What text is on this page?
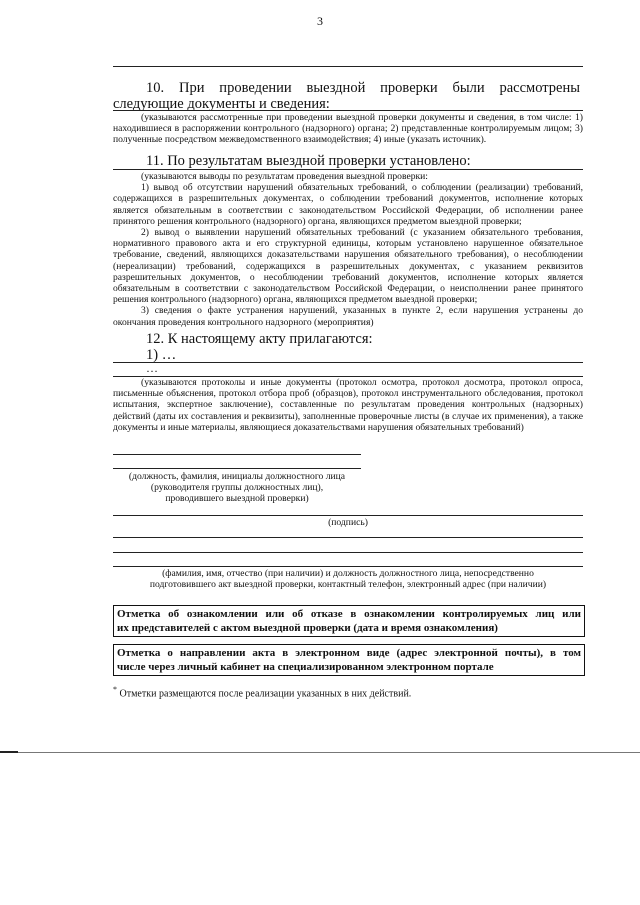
3
10. При проведении выездной проверки были рассмотрены
следующие документы и сведения:
(указываются рассмотренные при проведении выездной проверки документы и сведения, в том числе: 1) находившиеся в распоряжении контрольного (надзорного) органа; 2) представленные контролируемым лицом; 3) полученные посредством межведомственного взаимодействия; 4) иные (указать источник).
11. По результатам выездной проверки установлено:

(указываются выводы по результатам проведения выездной проверки:

1) вывод об отсутствии нарушений обязательных требований, о соблюдении (реализации) требований, содержащихся в разрешительных документах, о соблюдении требований документов, исполнение которых является обязательным в соответствии с законодательством Российской Федерации, об исполнении ранее принятого решения контрольного (надзорного) органа, являющихся предметом выездной проверки;

2) вывод о выявлении нарушений обязательных требований (с указанием обязательного требования, нормативного правового акта и его структурной единицы, которым установлено нарушенное обязательное требование, сведений, являющихся доказательствами нарушения обязательного требования), о несоблюдении (нереализации) требований, содержащихся в разрешительных документах, с указанием реквизитов разрешительных документов, о несоблюдении требований документов, исполнение которых является обязательным в соответствии с законодательством Российской Федерации, о неисполнении ранее принятого решения контрольного (надзорного) органа, являющихся предметом выездной проверки;

3) сведения о факте устранения нарушений, указанных в пункте 2, если нарушения устранены до окончания проведения контрольного надзорного (мероприятия)

12. К настоящему акту прилагаются:
1) …
…
(указываются протоколы и иные документы (протокол осмотра, протокол досмотра, протокол опроса, письменные объяснения, протокол отбора проб (образцов), протокол инструментального обследования, протокол испытания, экспертное заключение), составленные по результатам проведения контрольных (надзорных) действий (даты их составления и реквизиты), заполненные проверочные листы (в случае их применения), а также документы и иные материалы, являющиеся доказательствами нарушения обязательных требований)
(должность, фамилия, инициалы должностного лица
(руководителя группы должностных лиц),
проводившего выездной проверки)
(подпись)
(фамилия, имя, отчество (при наличии) и должность должностного лица, непосредственно
подготовившего акт выездной проверки, контактный телефон, электронный адрес (при наличии)
Отметка об ознакомлении или об отказе в ознакомлении контролируемых лиц или
их представителей с актом выездной проверки (дата и время ознакомления)
Отметка о направлении акта в электронном виде (адрес электронной почты), в том
числе через личный кабинет на специализированном электронном портале
* Отметки размещаются после реализации указанных в них действий.
